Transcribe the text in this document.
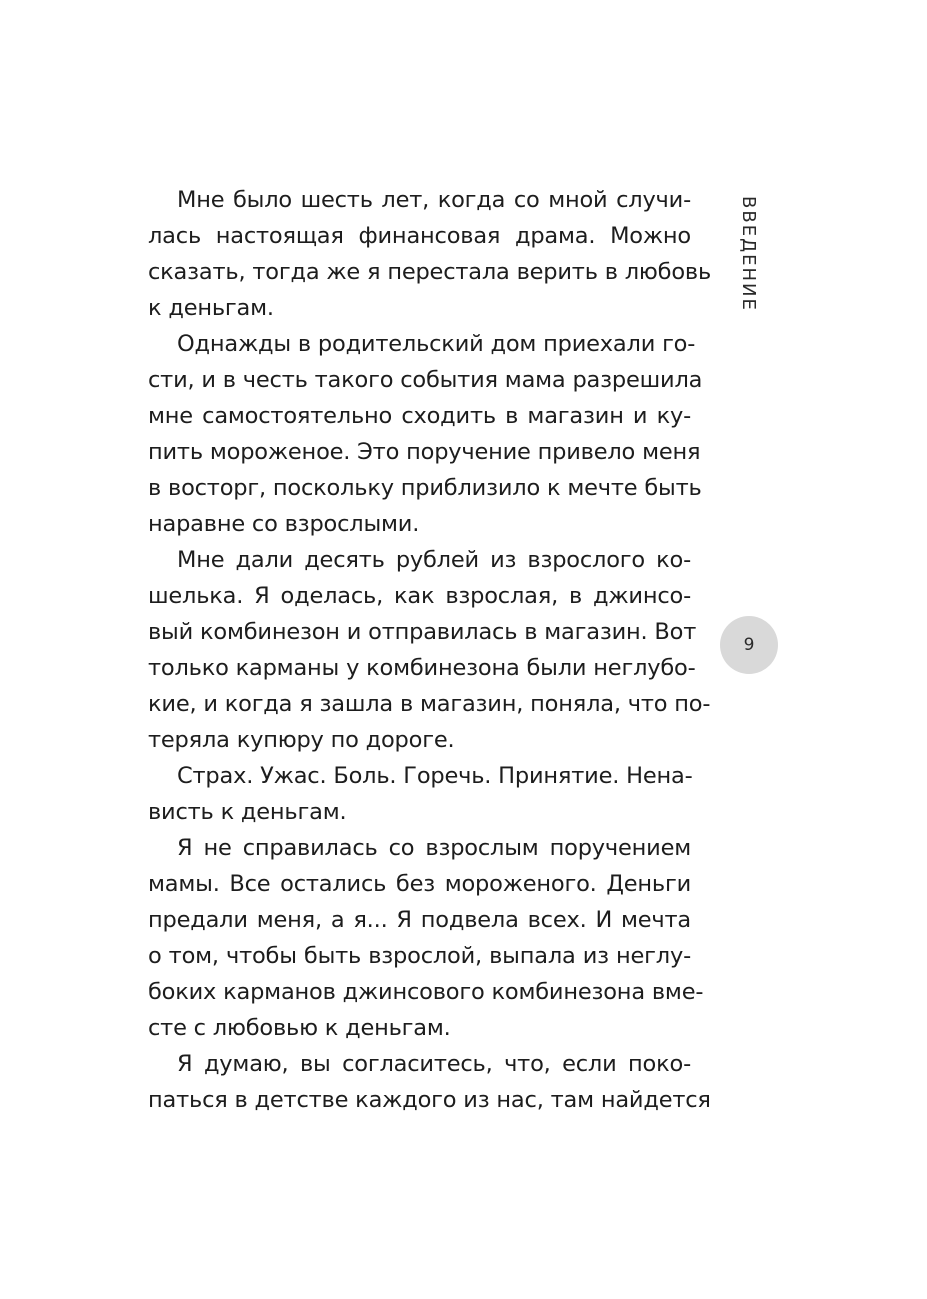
Мне было шесть лет, когда со мной случи-
лась настоящая финансовая драма. Можно
сказать, тогда же я перестала верить в любовь
к деньгам.
Однажды в родительский дом приехали го-
сти, и в честь такого события мама разрешила
мне самостоятельно сходить в магазин и ку-
пить мороженое. Это поручение привело меня
в восторг, поскольку приблизило к мечте быть
наравне со взрослыми.
Мне дали десять рублей из взрослого ко-
шелька. Я оделась, как взрослая, в джинсо-
вый комбинезон и отправилась в магазин. Вот
только карманы у комбинезона были неглубо-
кие, и когда я зашла в магазин, поняла, что по-
теряла купюру по дороге.
Страх. Ужас. Боль. Горечь. Принятие. Нена-
висть к деньгам.
Я не справилась со взрослым поручением
мамы. Все остались без мороженого. Деньги
предали меня, а я... Я подвела всех. И мечта
о том, чтобы быть взрослой, выпала из неглу-
боких карманов джинсового комбинезона вме-
сте с любовью к деньгам.
Я думаю, вы согласитесь, что, если поко-
паться в детстве каждого из нас, там найдется
ВВЕДЕНИЕ
9
